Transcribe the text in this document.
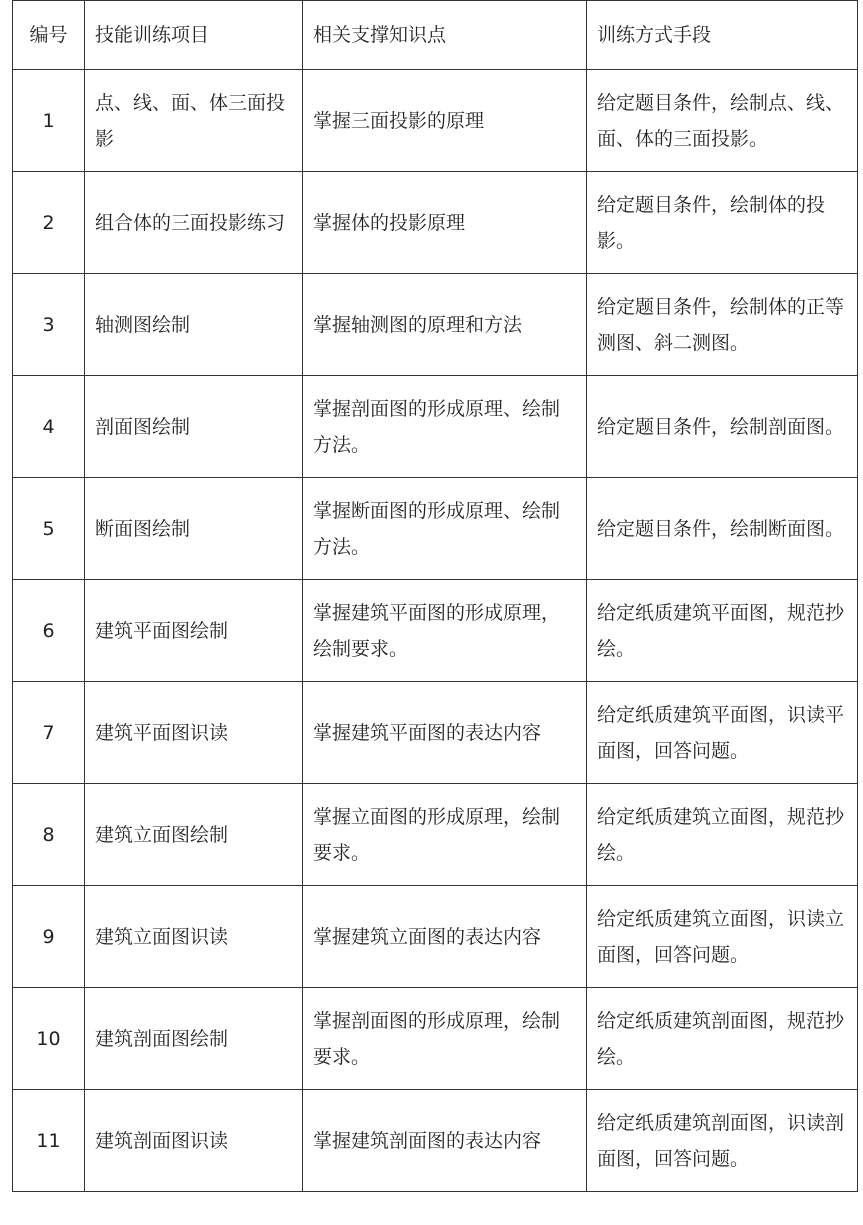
编号	技能训练项目	相关支撑知识点	训练方式手段
1	点、线、面、体三面投影	掌握三面投影的原理	给定题目条件，绘制点、线、面、体的三面投影。
2	组合体的三面投影练习	掌握体的投影原理	给定题目条件，绘制体的投影。
3	轴测图绘制	掌握轴测图的原理和方法	给定题目条件，绘制体的正等测图、斜二测图。
4	剖面图绘制	掌握剖面图的形成原理、绘制方法。	给定题目条件，绘制剖面图。
5	断面图绘制	掌握断面图的形成原理、绘制方法。	给定题目条件，绘制断面图。
6	建筑平面图绘制	掌握建筑平面图的形成原理，绘制要求。	给定纸质建筑平面图，规范抄绘。
7	建筑平面图识读	掌握建筑平面图的表达内容	给定纸质建筑平面图，识读平面图，回答问题。
8	建筑立面图绘制	掌握立面图的形成原理，绘制要求。	给定纸质建筑立面图，规范抄绘。
9	建筑立面图识读	掌握建筑立面图的表达内容	给定纸质建筑立面图，识读立面图，回答问题。
10	建筑剖面图绘制	掌握剖面图的形成原理，绘制要求。	给定纸质建筑剖面图，规范抄绘。
11	建筑剖面图识读	掌握建筑剖面图的表达内容	给定纸质建筑剖面图，识读剖面图，回答问题。
